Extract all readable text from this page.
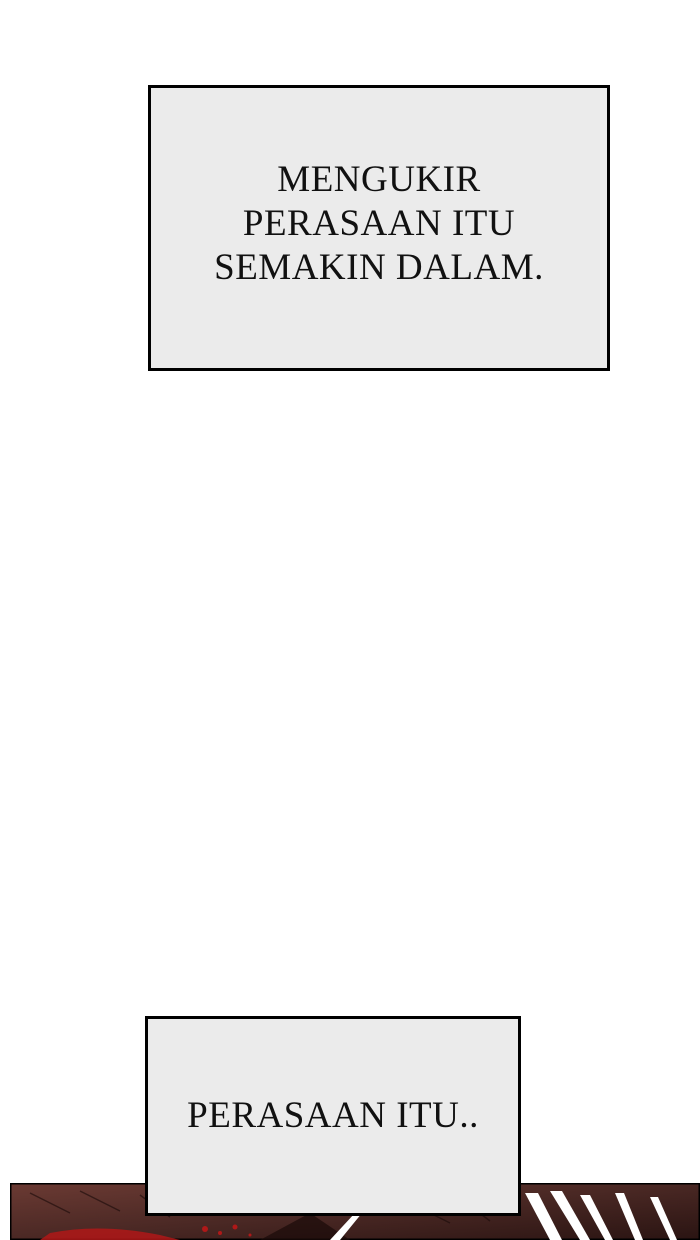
MENGUKIR
PERASAAN ITU
SEMAKIN DALAM.

PERASAAN ITU..
